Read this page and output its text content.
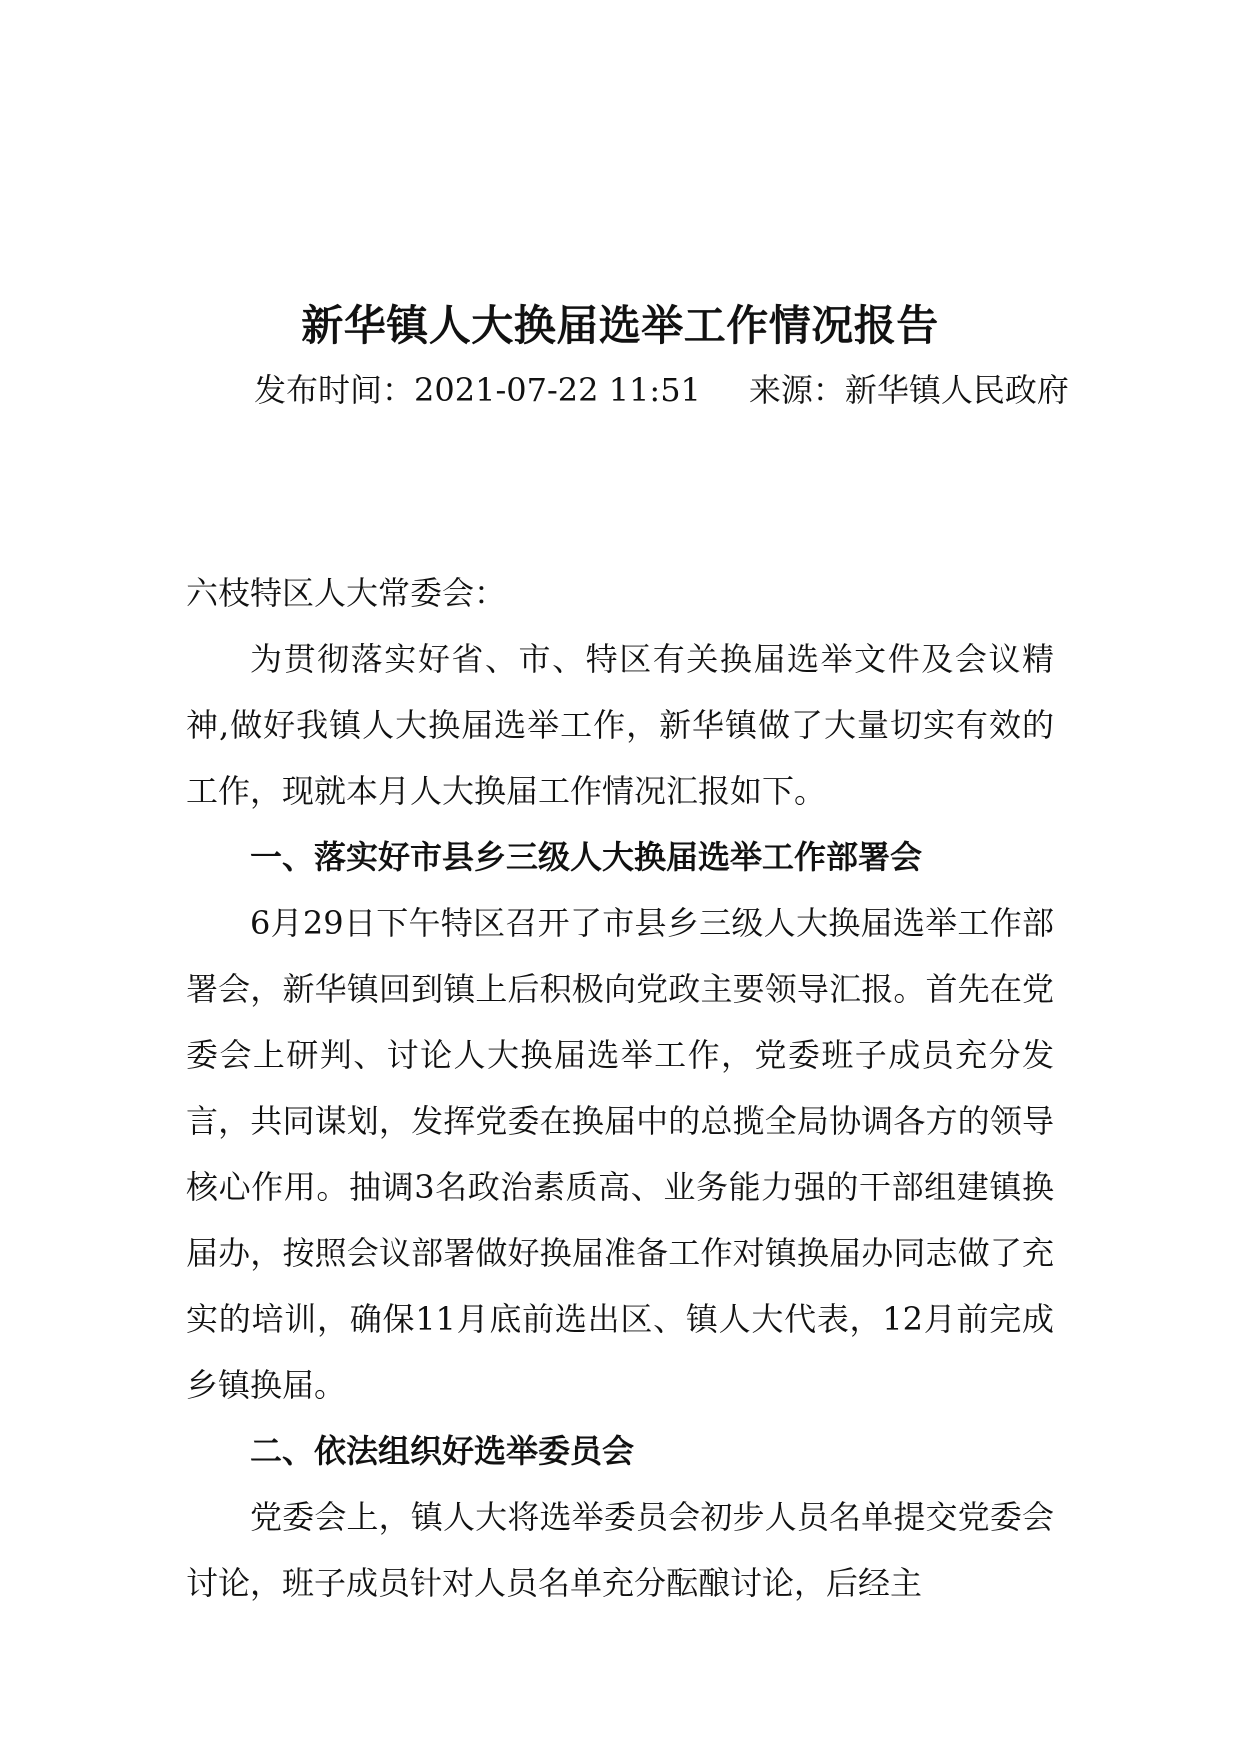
新华镇人大换届选举工作情况报告
发布时间：2021-07-22 11:51 来源：新华镇人民政府

六枝特区人大常委会：

为贯彻落实好省、市、特区有关换届选举文件及会议精神,做好我镇人大换届选举工作，新华镇做了大量切实有效的工作，现就本月人大换届工作情况汇报如下。

一、落实好市县乡三级人大换届选举工作部署会

6月29日下午特区召开了市县乡三级人大换届选举工作部署会，新华镇回到镇上后积极向党政主要领导汇报。首先在党委会上研判、讨论人大换届选举工作，党委班子成员充分发言，共同谋划，发挥党委在换届中的总揽全局协调各方的领导核心作用。抽调3名政治素质高、业务能力强的干部组建镇换届办，按照会议部署做好换届准备工作对镇换届办同志做了充实的培训，确保11月底前选出区、镇人大代表，12月前完成乡镇换届。

二、依法组织好选举委员会

党委会上，镇人大将选举委员会初步人员名单提交党委会讨论，班子成员针对人员名单充分酝酿讨论，后经主
